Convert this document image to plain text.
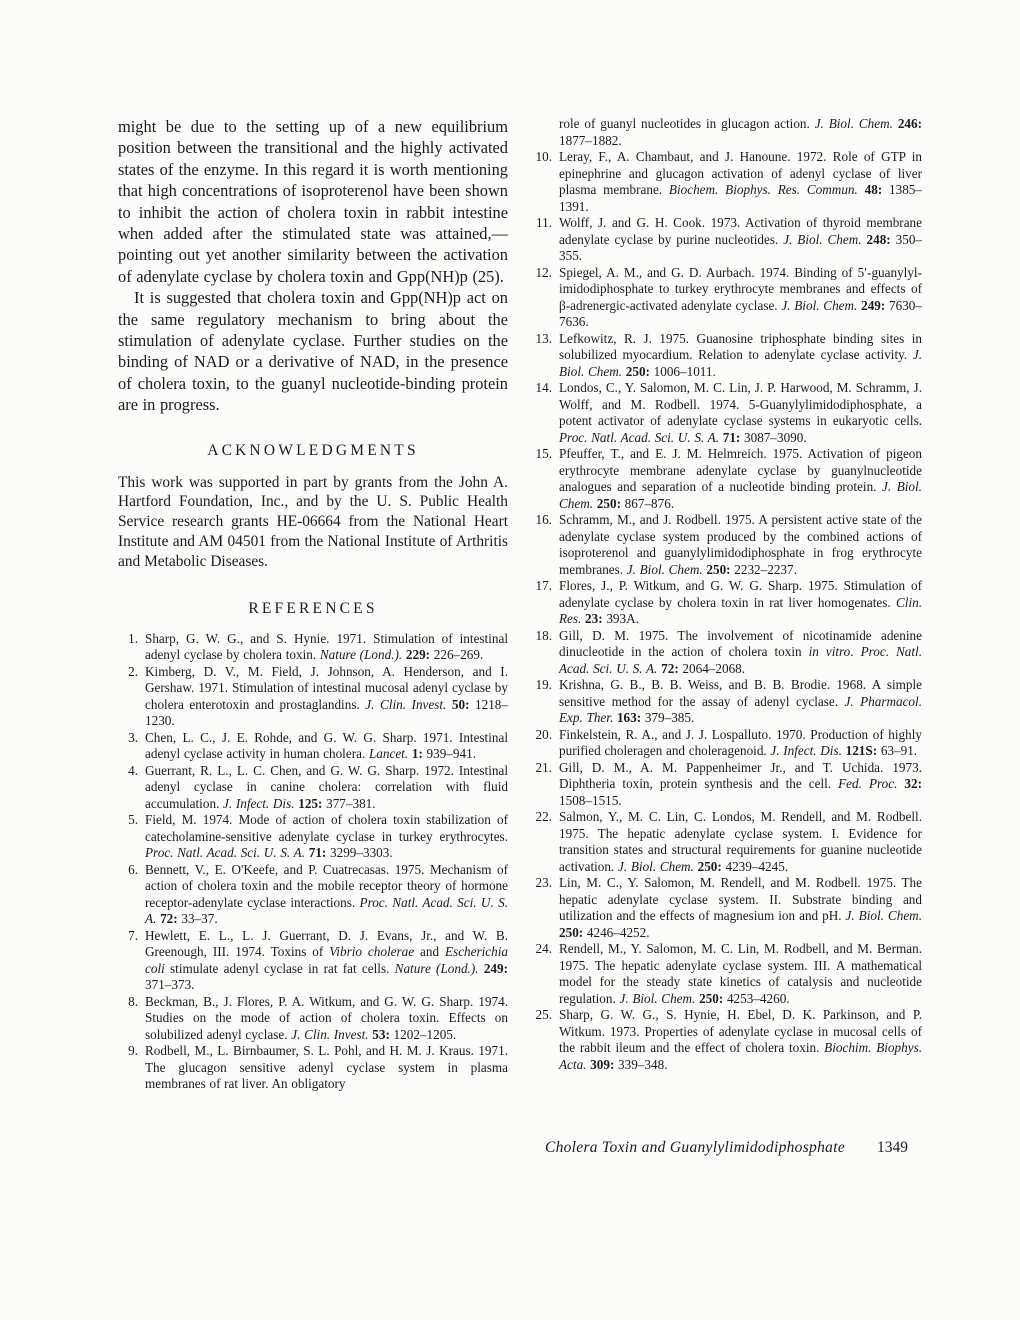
might be due to the setting up of a new equilibrium position between the transitional and the highly activated states of the enzyme. In this regard it is worth mentioning that high concentrations of isoproterenol have been shown to inhibit the action of cholera toxin in rabbit intestine when added after the stimulated state was attained,—pointing out yet another similarity between the activation of adenylate cyclase by cholera toxin and Gpp(NH)p (25).

It is suggested that cholera toxin and Gpp(NH)p act on the same regulatory mechanism to bring about the stimulation of adenylate cyclase. Further studies on the binding of NAD or a derivative of NAD, in the presence of cholera toxin, to the guanyl nucleotide-binding protein are in progress.

ACKNOWLEDGMENTS

This work was supported in part by grants from the John A. Hartford Foundation, Inc., and by the U. S. Public Health Service research grants HE-06664 from the National Heart Institute and AM 04501 from the National Institute of Arthritis and Metabolic Diseases.

REFERENCES
1. Sharp, G. W. G., and S. Hynie. 1971. Stimulation of intestinal adenyl cyclase by cholera toxin. Nature (Lond.). 229: 226–269.
2. Kimberg, D. V., M. Field, J. Johnson, A. Henderson, and I. Gershaw. 1971. Stimulation of intestinal mucosal adenyl cyclase by cholera enterotoxin and prostaglandins. J. Clin. Invest. 50: 1218–1230.
3. Chen, L. C., J. E. Rohde, and G. W. G. Sharp. 1971. Intestinal adenyl cyclase activity in human cholera. Lancet. 1: 939–941.
4. Guerrant, R. L., L. C. Chen, and G. W. G. Sharp. 1972. Intestinal adenyl cyclase in canine cholera: correlation with fluid accumulation. J. Infect. Dis. 125: 377–381.
5. Field, M. 1974. Mode of action of cholera toxin stabilization of catecholamine-sensitive adenylate cyclase in turkey erythrocytes. Proc. Natl. Acad. Sci. U. S. A. 71: 3299–3303.
6. Bennett, V., E. O'Keefe, and P. Cuatrecasas. 1975. Mechanism of action of cholera toxin and the mobile receptor theory of hormone receptor-adenylate cyclase interactions. Proc. Natl. Acad. Sci. U. S. A. 72: 33–37.
7. Hewlett, E. L., L. J. Guerrant, D. J. Evans, Jr., and W. B. Greenough, III. 1974. Toxins of Vibrio cholerae and Escherichia coli stimulate adenyl cyclase in rat fat cells. Nature (Lond.). 249: 371–373.
8. Beckman, B., J. Flores, P. A. Witkum, and G. W. G. Sharp. 1974. Studies on the mode of action of cholera toxin. Effects on solubilized adenyl cyclase. J. Clin. Invest. 53: 1202–1205.
9. Rodbell, M., L. Birnbaumer, S. L. Pohl, and H. M. J. Kraus. 1971. The glucagon sensitive adenyl cyclase system in plasma membranes of rat liver. An obligatory
role of guanyl nucleotides in glucagon action. J. Biol. Chem. 246: 1877–1882.
10. Leray, F., A. Chambaut, and J. Hanoune. 1972. Role of GTP in epinephrine and glucagon activation of adenyl cyclase of liver plasma membrane. Biochem. Biophys. Res. Commun. 48: 1385–1391.
11. Wolff, J. and G. H. Cook. 1973. Activation of thyroid membrane adenylate cyclase by purine nucleotides. J. Biol. Chem. 248: 350–355.
12. Spiegel, A. M., and G. D. Aurbach. 1974. Binding of 5′-guanylyl-imidodiphosphate to turkey erythrocyte membranes and effects of β-adrenergic-activated adenylate cyclase. J. Biol. Chem. 249: 7630–7636.
13. Lefkowitz, R. J. 1975. Guanosine triphosphate binding sites in solubilized myocardium. Relation to adenylate cyclase activity. J. Biol. Chem. 250: 1006–1011.
14. Londos, C., Y. Salomon, M. C. Lin, J. P. Harwood, M. Schramm, J. Wolff, and M. Rodbell. 1974. 5-Guanylylimidodiphosphate, a potent activator of adenylate cyclase systems in eukaryotic cells. Proc. Natl. Acad. Sci. U. S. A. 71: 3087–3090.
15. Pfeuffer, T., and E. J. M. Helmreich. 1975. Activation of pigeon erythrocyte membrane adenylate cyclase by guanylnucleotide analogues and separation of a nucleotide binding protein. J. Biol. Chem. 250: 867–876.
16. Schramm, M., and J. Rodbell. 1975. A persistent active state of the adenylate cyclase system produced by the combined actions of isoproterenol and guanylylimidodiphosphate in frog erythrocyte membranes. J. Biol. Chem. 250: 2232–2237.
17. Flores, J., P. Witkum, and G. W. G. Sharp. 1975. Stimulation of adenylate cyclase by cholera toxin in rat liver homogenates. Clin. Res. 23: 393A.
18. Gill, D. M. 1975. The involvement of nicotinamide adenine dinucleotide in the action of cholera toxin in vitro. Proc. Natl. Acad. Sci. U. S. A. 72: 2064–2068.
19. Krishna, G. B., B. B. Weiss, and B. B. Brodie. 1968. A simple sensitive method for the assay of adenyl cyclase. J. Pharmacol. Exp. Ther. 163: 379–385.
20. Finkelstein, R. A., and J. J. Lospalluto. 1970. Production of highly purified choleragen and choleragenoid. J. Infect. Dis. 121S: 63–91.
21. Gill, D. M., A. M. Pappenheimer Jr., and T. Uchida. 1973. Diphtheria toxin, protein synthesis and the cell. Fed. Proc. 32: 1508–1515.
22. Salmon, Y., M. C. Lin, C. Londos, M. Rendell, and M. Rodbell. 1975. The hepatic adenylate cyclase system. I. Evidence for transition states and structural requirements for guanine nucleotide activation. J. Biol. Chem. 250: 4239–4245.
23. Lin, M. C., Y. Salomon, M. Rendell, and M. Rodbell. 1975. The hepatic adenylate cyclase system. II. Substrate binding and utilization and the effects of magnesium ion and pH. J. Biol. Chem. 250: 4246–4252.
24. Rendell, M., Y. Salomon, M. C. Lin, M. Rodbell, and M. Berman. 1975. The hepatic adenylate cyclase system. III. A mathematical model for the steady state kinetics of catalysis and nucleotide regulation. J. Biol. Chem. 250: 4253–4260.
25. Sharp, G. W. G., S. Hynie, H. Ebel, D. K. Parkinson, and P. Witkum. 1973. Properties of adenylate cyclase in mucosal cells of the rabbit ileum and the effect of cholera toxin. Biochim. Biophys. Acta. 309: 339–348.
Cholera Toxin and Guanylylimidodiphosphate 1349
